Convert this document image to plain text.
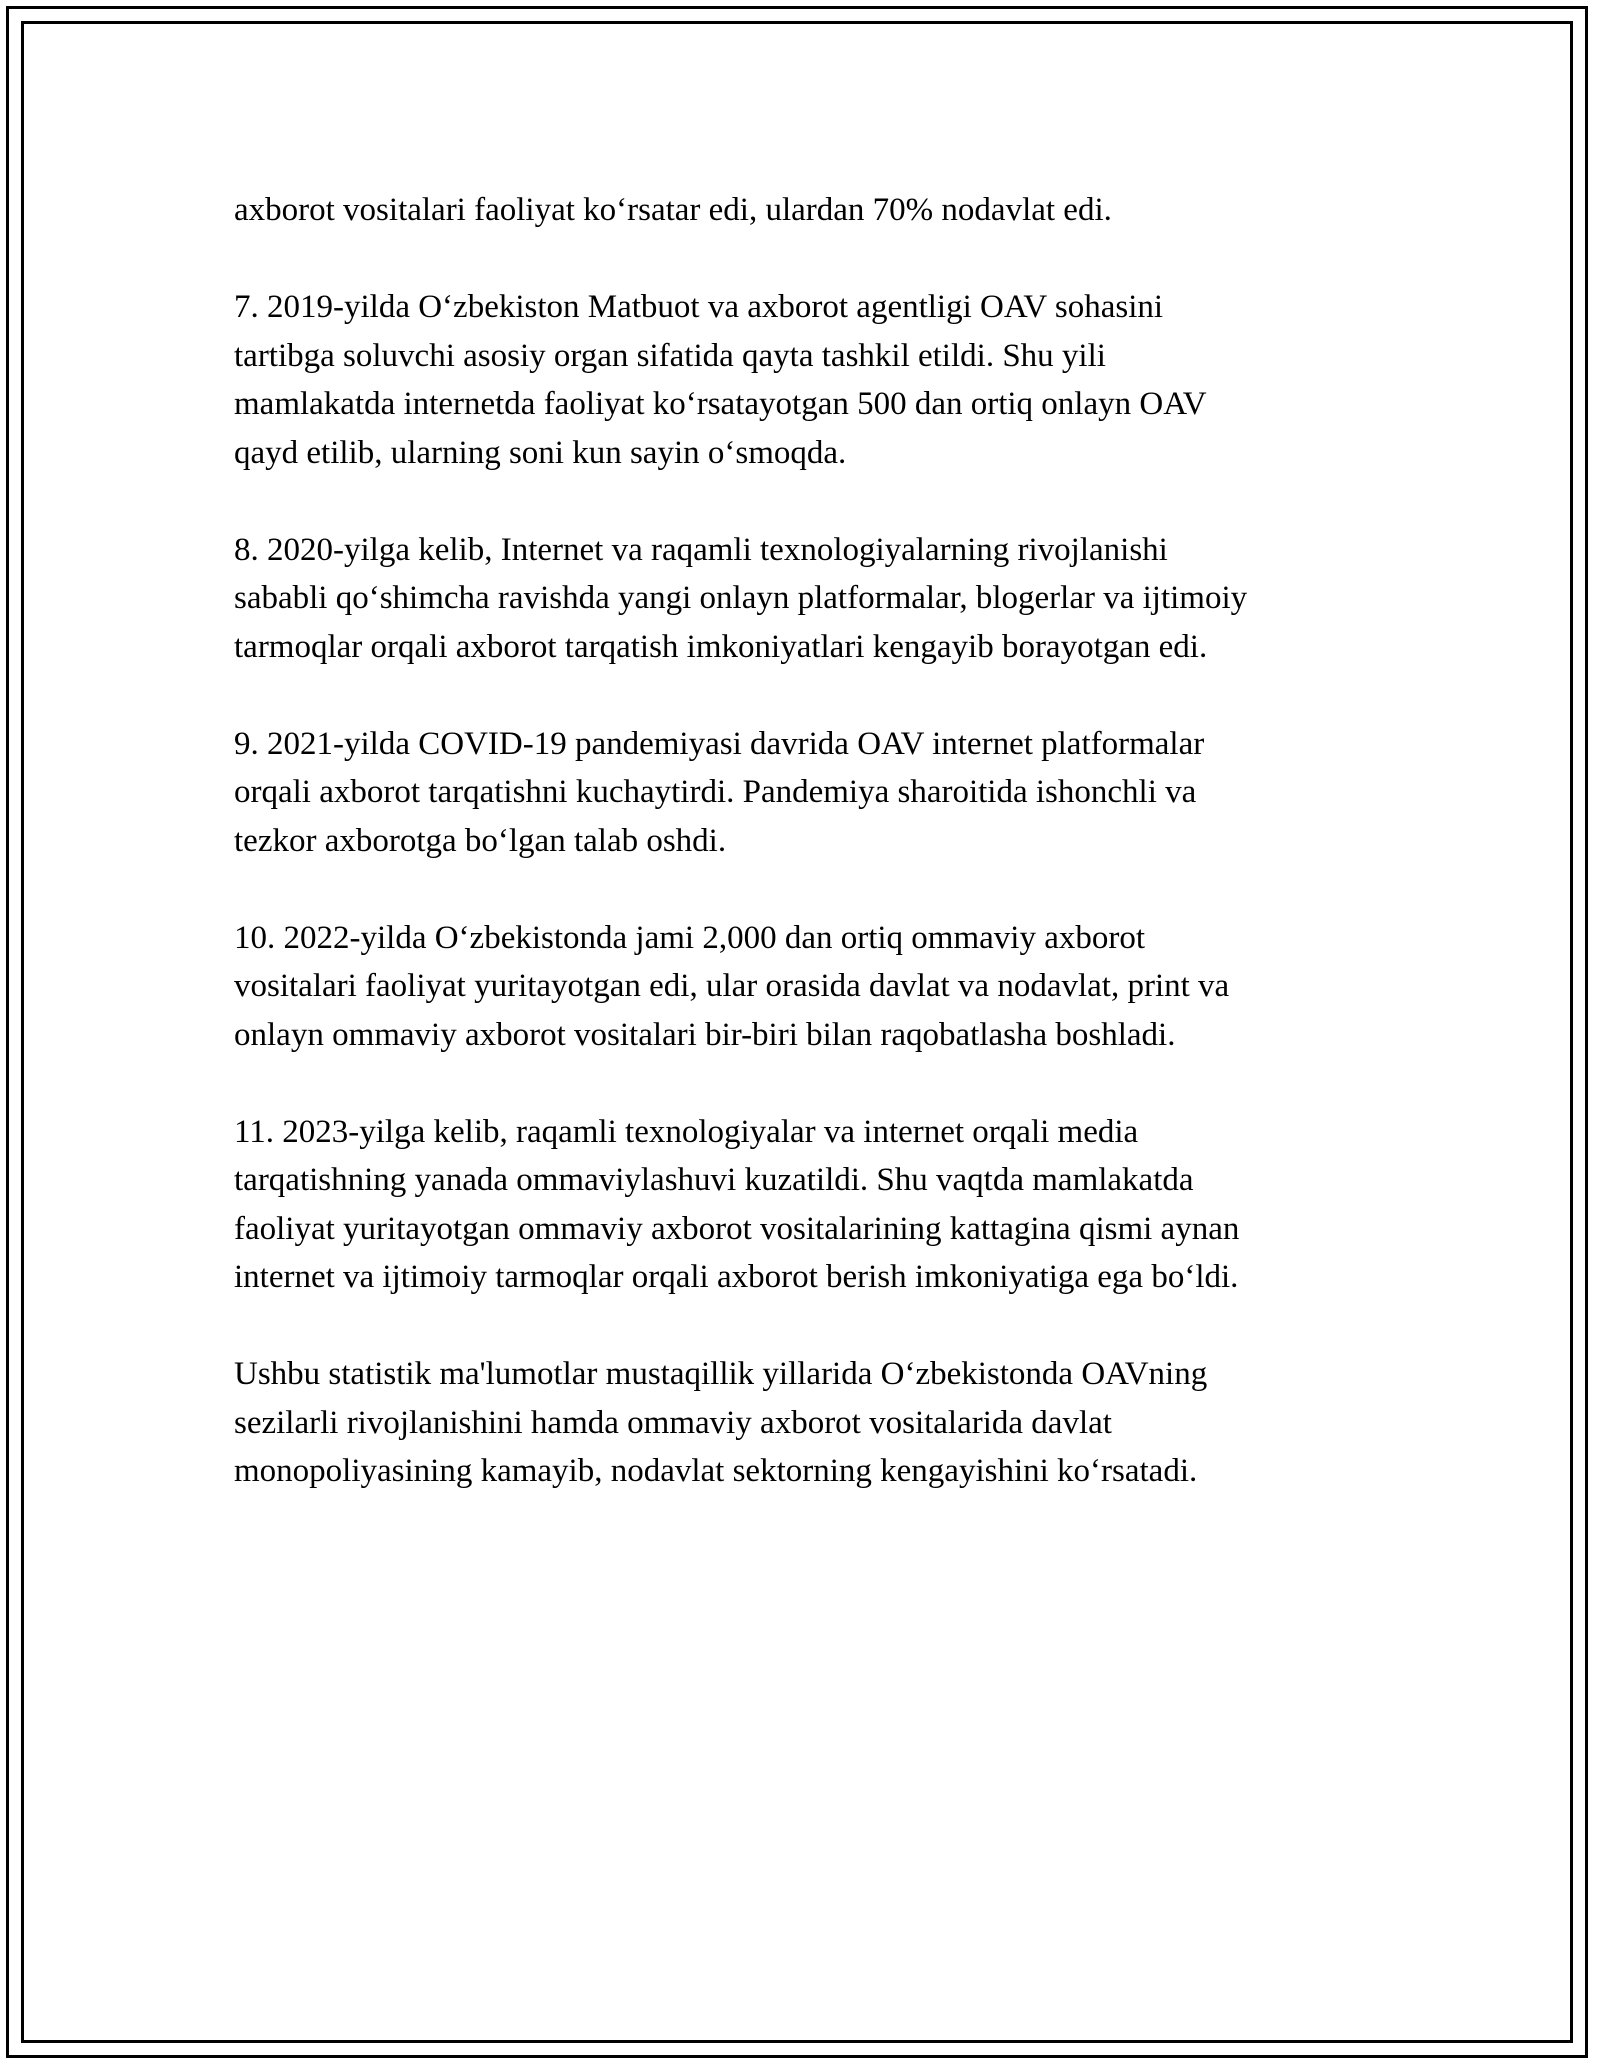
axborot vositalari faoliyat ko‘rsatar edi, ulardan 70% nodavlat edi.

7. 2019-yilda O‘zbekiston Matbuot va axborot agentligi OAV sohasini
tartibga soluvchi asosiy organ sifatida qayta tashkil etildi. Shu yili
mamlakatda internetda faoliyat ko‘rsatayotgan 500 dan ortiq onlayn OAV
qayd etilib, ularning soni kun sayin o‘smoqda.

8. 2020-yilga kelib, Internet va raqamli texnologiyalarning rivojlanishi
sababli qo‘shimcha ravishda yangi onlayn platformalar, blogerlar va ijtimoiy
tarmoqlar orqali axborot tarqatish imkoniyatlari kengayib borayotgan edi.

9. 2021-yilda COVID-19 pandemiyasi davrida OAV internet platformalar
orqali axborot tarqatishni kuchaytirdi. Pandemiya sharoitida ishonchli va
tezkor axborotga bo‘lgan talab oshdi.

10. 2022-yilda O‘zbekistonda jami 2,000 dan ortiq ommaviy axborot
vositalari faoliyat yuritayotgan edi, ular orasida davlat va nodavlat, print va
onlayn ommaviy axborot vositalari bir-biri bilan raqobatlasha boshladi.

11. 2023-yilga kelib, raqamli texnologiyalar va internet orqali media
tarqatishning yanada ommaviylashuvi kuzatildi. Shu vaqtda mamlakatda
faoliyat yuritayotgan ommaviy axborot vositalarining kattagina qismi aynan
internet va ijtimoiy tarmoqlar orqali axborot berish imkoniyatiga ega bo‘ldi.

Ushbu statistik ma'lumotlar mustaqillik yillarida O‘zbekistonda OAVning
sezilarli rivojlanishini hamda ommaviy axborot vositalarida davlat
monopoliyasining kamayib, nodavlat sektorning kengayishini ko‘rsatadi.
